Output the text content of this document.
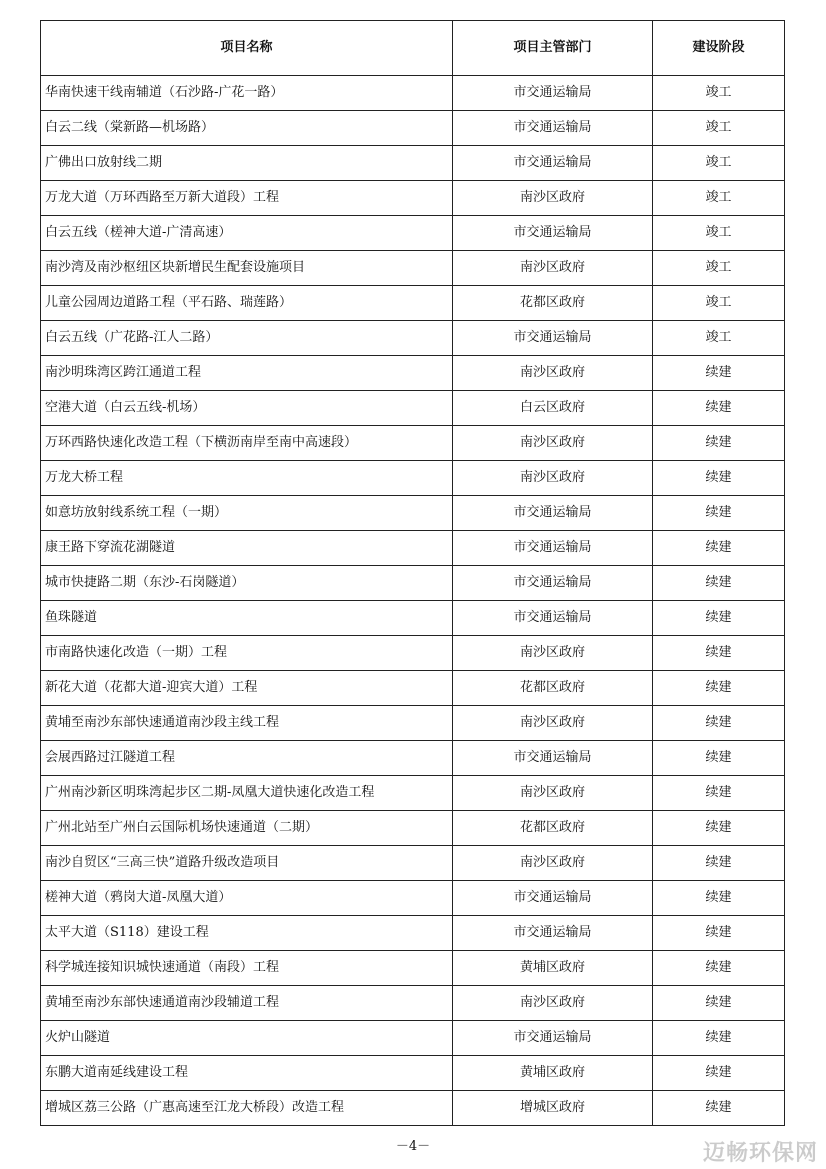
项目名称	项目主管部门	建设阶段
华南快速干线南辅道（石沙路-广花一路）	市交通运输局	竣工
白云二线（棠新路—机场路）	市交通运输局	竣工
广佛出口放射线二期	市交通运输局	竣工
万龙大道（万环西路至万新大道段）工程	南沙区政府	竣工
白云五线（槎神大道-广清高速）	市交通运输局	竣工
南沙湾及南沙枢纽区块新增民生配套设施项目	南沙区政府	竣工
儿童公园周边道路工程（平石路、瑞莲路）	花都区政府	竣工
白云五线（广花路-江人二路）	市交通运输局	竣工
南沙明珠湾区跨江通道工程	南沙区政府	续建
空港大道（白云五线-机场）	白云区政府	续建
万环西路快速化改造工程（下横沥南岸至南中高速段）	南沙区政府	续建
万龙大桥工程	南沙区政府	续建
如意坊放射线系统工程（一期）	市交通运输局	续建
康王路下穿流花湖隧道	市交通运输局	续建
城市快捷路二期（东沙-石岗隧道）	市交通运输局	续建
鱼珠隧道	市交通运输局	续建
市南路快速化改造（一期）工程	南沙区政府	续建
新花大道（花都大道-迎宾大道）工程	花都区政府	续建
黄埔至南沙东部快速通道南沙段主线工程	南沙区政府	续建
会展西路过江隧道工程	市交通运输局	续建
广州南沙新区明珠湾起步区二期-凤凰大道快速化改造工程	南沙区政府	续建
广州北站至广州白云国际机场快速通道（二期）	花都区政府	续建
南沙自贸区“三高三快”道路升级改造项目	南沙区政府	续建
槎神大道（鸦岗大道-凤凰大道）	市交通运输局	续建
太平大道（S118）建设工程	市交通运输局	续建
科学城连接知识城快速通道（南段）工程	黄埔区政府	续建
黄埔至南沙东部快速通道南沙段辅道工程	南沙区政府	续建
火炉山隧道	市交通运输局	续建
东鹏大道南延线建设工程	黄埔区政府	续建
增城区荔三公路（广惠高速至江龙大桥段）改造工程	增城区政府	续建
－4－	迈畅环保网
